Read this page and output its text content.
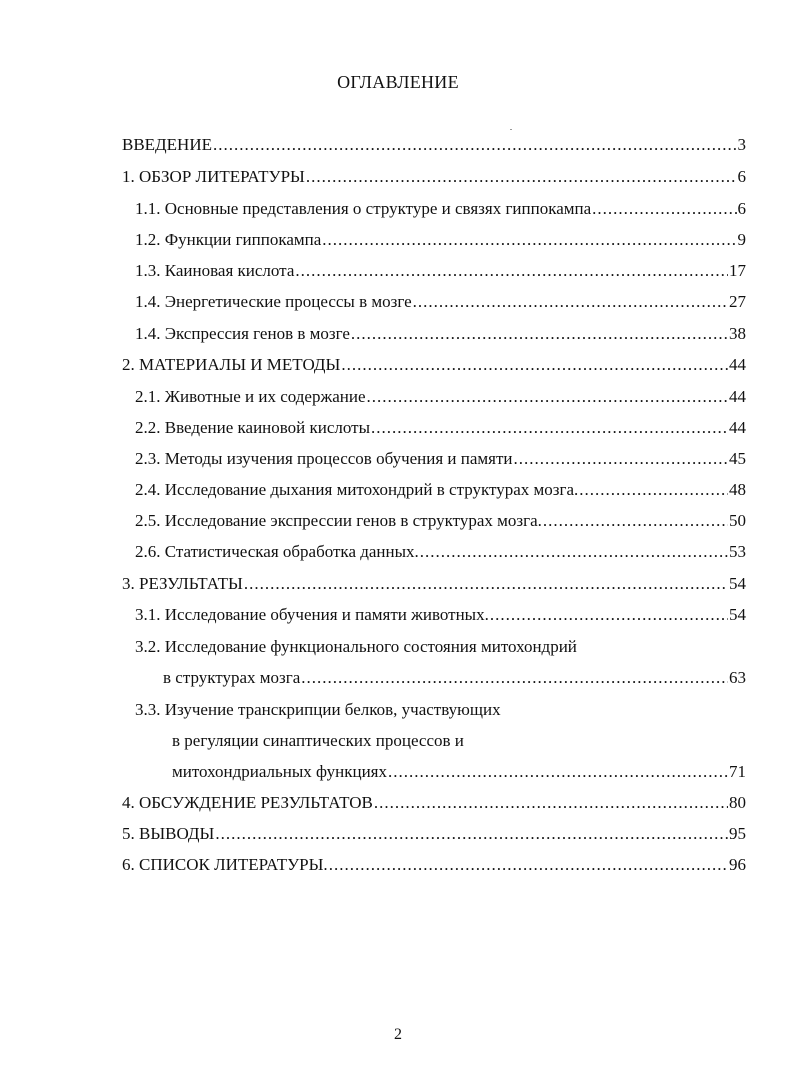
ОГЛАВЛЕНИЕ
ВВЕДЕНИЕ .....	3
1. ОБЗОР ЛИТЕРАТУРЫ .....	6
1.1. Основные представления о структуре и связях гиппокампа .....	6
1.2. Функции гиппокампа .....	9
1.3. Каиновая кислота .....	17
1.4. Энергетические процессы в мозге .....	27
1.4. Экспрессия генов в мозге .....	38
2. МАТЕРИАЛЫ И МЕТОДЫ .....	44
2.1. Животные и их содержание .....	44
2.2. Введение каиновой кислоты .....	44
2.3. Методы изучения процессов обучения и памяти .....	45
2.4. Исследование дыхания митохондрий в структурах мозга. .....	48
2.5. Исследование экспрессии генов в структурах мозга. .....	50
2.6. Статистическая обработка данных. .....	53
3. РЕЗУЛЬТАТЫ .....	54
3.1. Исследование обучения и памяти животных. .....	54
3.2. Исследование функционального состояния митохондрий
в структурах мозга .....	63
3.3. Изучение транскрипции белков, участвующих
в регуляции синаптических процессов и
митохондриальных функциях .....	71
4. ОБСУЖДЕНИЕ РЕЗУЛЬТАТОВ .....	80
5. ВЫВОДЫ .....	95
6. СПИСОК ЛИТЕРАТУРЫ. .....	96
2
